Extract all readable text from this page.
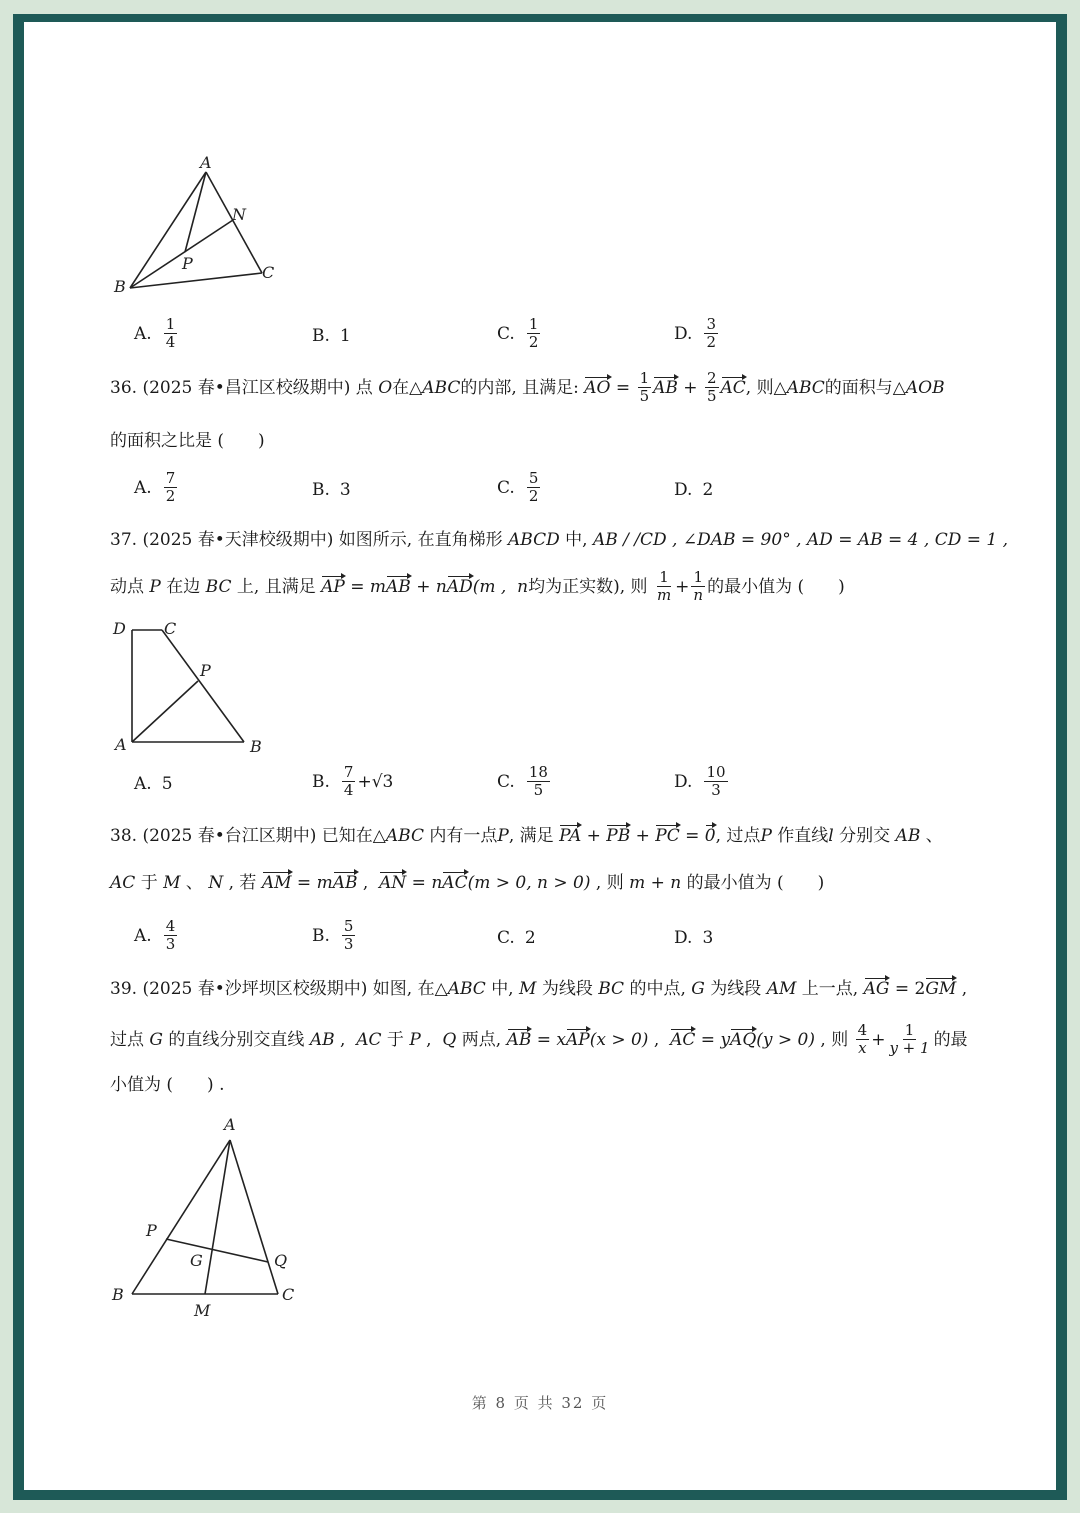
A
B
C
N
P
A. $\frac{1}{4}$	B. 1	C. $\frac{1}{2}$	D. $\frac{3}{2}$
36. (2025 春•昌江区校级期中) 点
O 在△ ABC 的内部, 且满足:
AO = $\frac{1}{5}$ AB + $\frac{2}{5}$ AC , 则△ ABC 的面积与△ AOB
的面积之比是 (　　)
A. $\frac{7}{2}$	B. 3	C. $\frac{5}{2}$	D. 2
37. (2025 春•天津校级期中) 如图所示, 在直角梯形 ABCD 中, AB / /CD , ∠DAB = 90° , AD = AB = 4 , CD = 1 ,
动点
P
在边
BC
上, 且满足
AP = m AB + n AD (m ,  n 均为正实数), 则
$\frac{1}{m} + \frac{1}{n}$ 的最小值为 (　　)
D C
P
A	B
A. 5	B. $\frac{7}{4} +√3$	C. $\frac{18}{5}$	D. $\frac{10}{3}$
38. (2025 春•台江区期中) 已知在△ABC 内有一点P, 满足 PA + PB + PC = 0, 过点P 作直线l 分别交 AB 、
AC 于 M 、 N , 若 AM = mAB ,  AN = nAC(m > 0, n > 0) , 则 m + n 的最小值为 (　　)
A. $\frac{4}{3}$	B. $\frac{5}{3}$	C. 2	D. 3
39. (2025 春•沙坪坝区校级期中) 如图, 在△ABC 中, M 为线段 BC 的中点, G 为线段 AM 上一点, AG = 2GM ,
过点
G
的直线分别交直线
AB , AC
于
P , Q
两点,
AB = x AP (x > 0) , AC = y AQ (y > 0)
, 则
$\frac{4}{x} + \frac{1}{y + 1}$ 的最
小值为 (　　) .
A
P
G	Q
B	C
M
第 8 页 共 32 页
